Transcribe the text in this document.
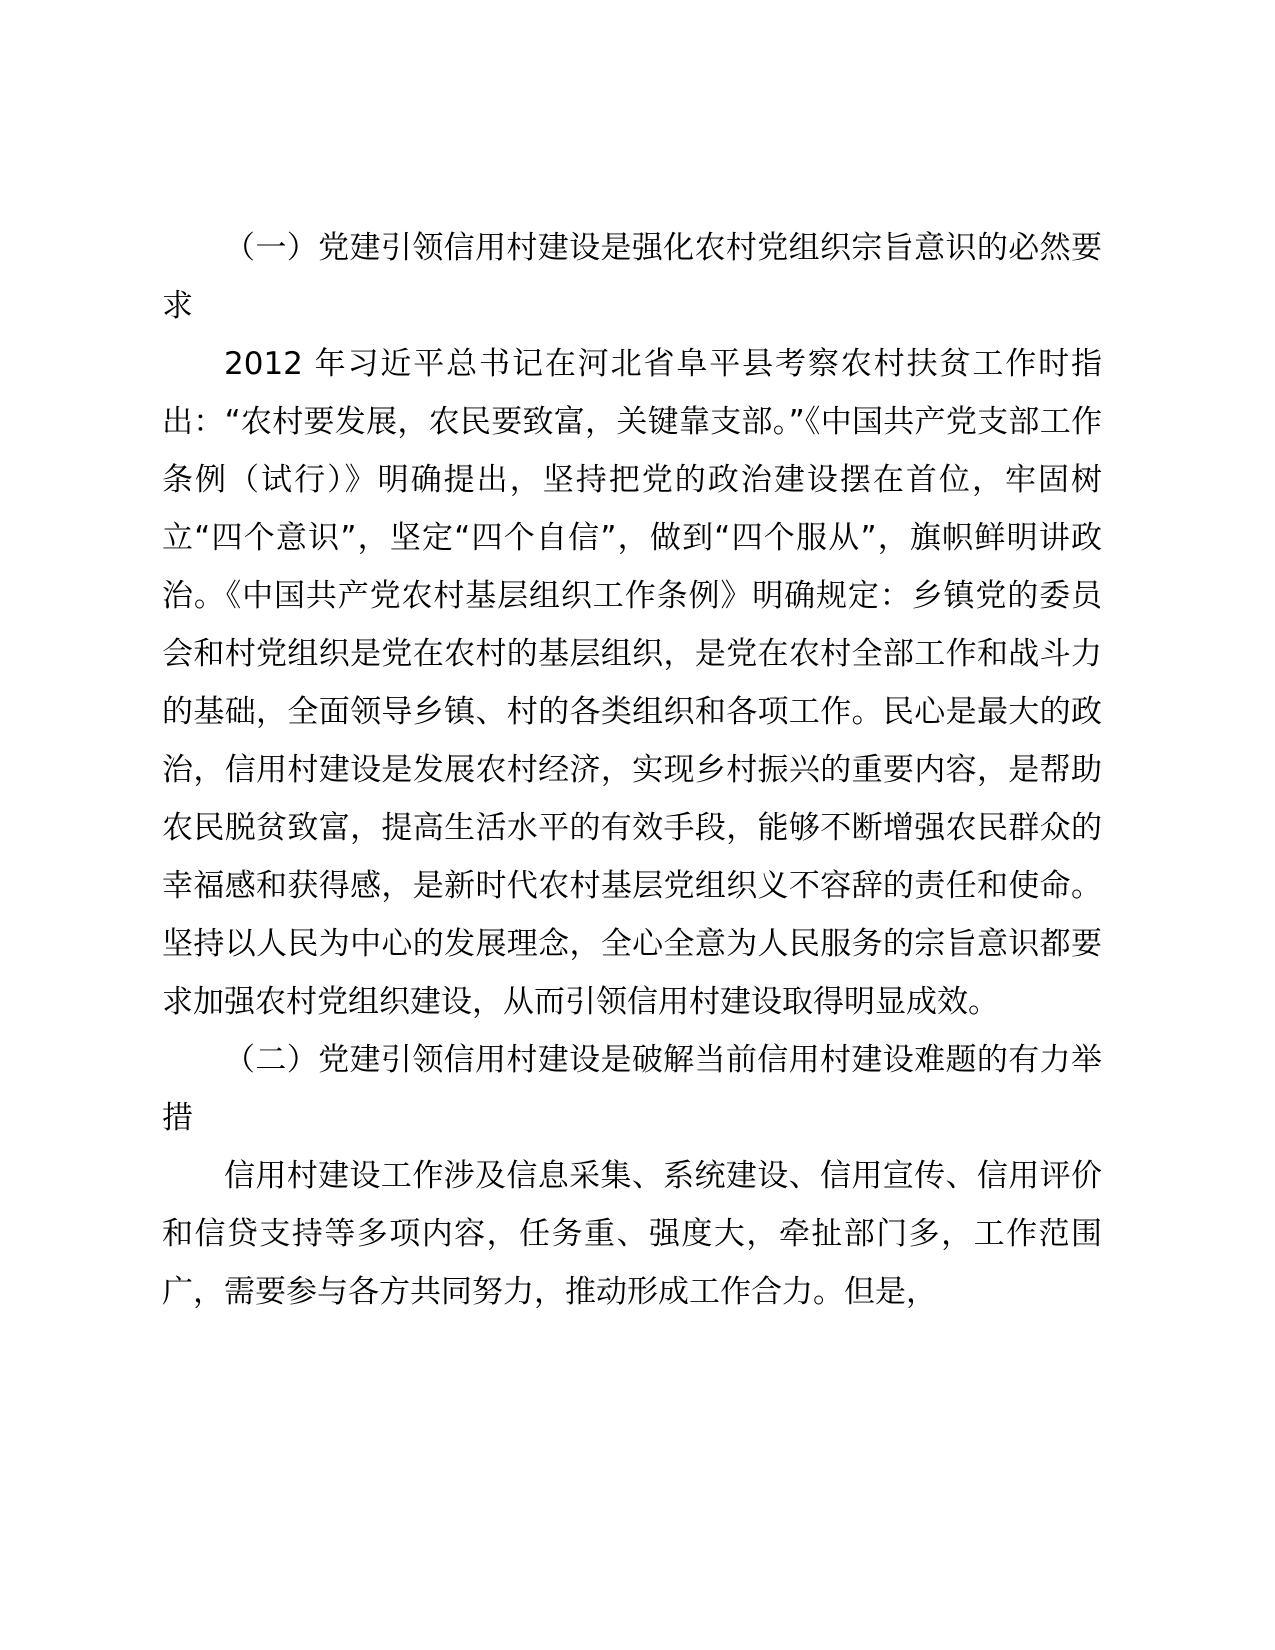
（一）党建引领信用村建设是强化农村党组织宗旨意识的必然要求

2012 年习近平总书记在河北省阜平县考察农村扶贫工作时指出：“农村要发展，农民要致富，关键靠支部。”《中国共产党支部工作条例（试行）》明确提出，坚持把党的政治建设摆在首位，牢固树立“四个意识”，坚定“四个自信”，做到“四个服从”，旗帜鲜明讲政治。《中国共产党农村基层组织工作条例》明确规定：乡镇党的委员会和村党组织是党在农村的基层组织，是党在农村全部工作和战斗力的基础，全面领导乡镇、村的各类组织和各项工作。民心是最大的政治，信用村建设是发展农村经济，实现乡村振兴的重要内容，是帮助农民脱贫致富，提高生活水平的有效手段，能够不断增强农民群众的幸福感和获得感，是新时代农村基层党组织义不容辞的责任和使命。坚持以人民为中心的发展理念，全心全意为人民服务的宗旨意识都要求加强农村党组织建设，从而引领信用村建设取得明显成效。

（二）党建引领信用村建设是破解当前信用村建设难题的有力举措

信用村建设工作涉及信息采集、系统建设、信用宣传、信用评价和信贷支持等多项内容，任务重、强度大，牵扯部门多，工作范围广，需要参与各方共同努力，推动形成工作合力。但是，
